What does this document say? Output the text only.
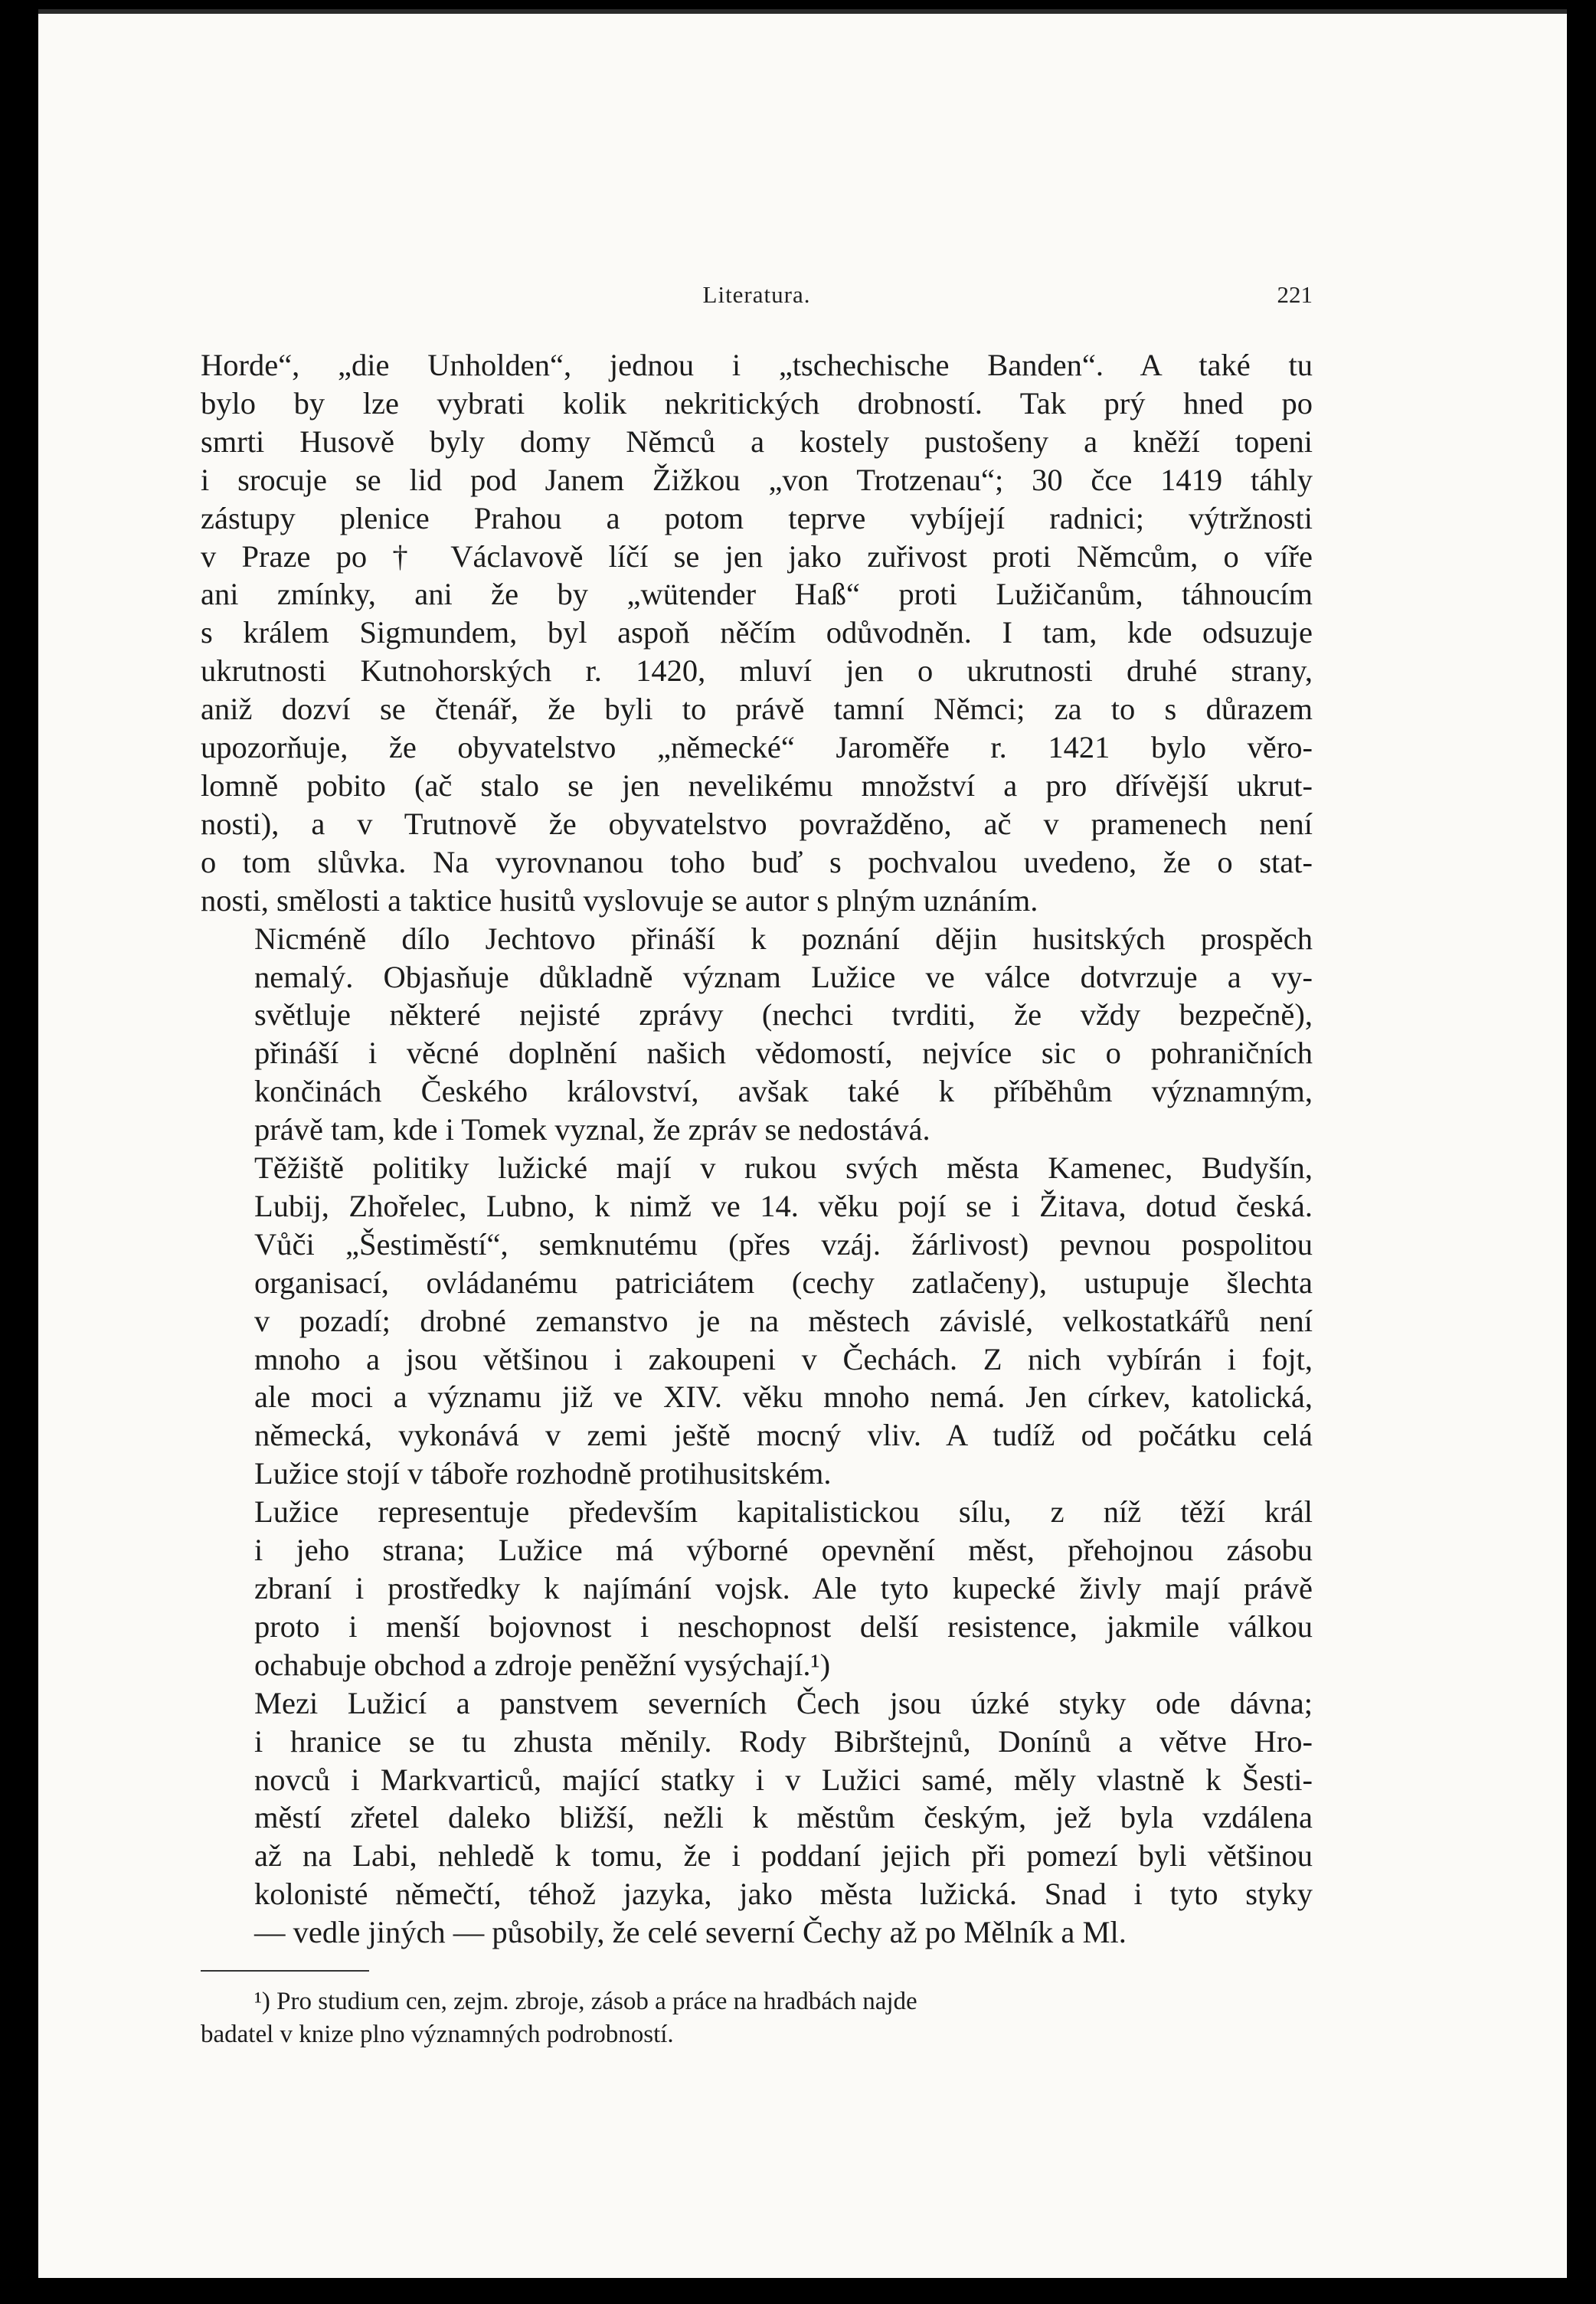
Literatura.	221

Horde“, „die Unholden“, jednou i „tschechische Banden“. A také tu
bylo by lze vybrati kolik nekritických drobností. Tak prý hned po
smrti Husově byly domy Němců a kostely pustošeny a kněží topeni
i srocuje se lid pod Janem Žižkou „von Trotzenau“; 30 čce 1419 táhly
zástupy plenice Prahou a potom teprve vybíjejí radnici; výtržnosti
v Praze po † Václavově líčí se jen jako zuřivost proti Němcům, o víře
ani zmínky, ani že by „wütender Haß“ proti Lužičanům, táhnoucím
s králem Sigmundem, byl aspoň něčím odůvodněn. I tam, kde odsuzuje
ukrutnosti Kutnohorských r. 1420, mluví jen o ukrutnosti druhé strany,
aniž dozví se čtenář, že byli to právě tamní Němci; za to s důrazem
upozorňuje, že obyvatelstvo „německé“ Jaroměře r. 1421 bylo věro-
lomně pobito (ač stalo se jen nevelikému množství a pro dřívější ukrut-
nosti), a v Trutnově že obyvatelstvo povražděno, ač v pramenech není
o tom slůvka. Na vyrovnanou toho buď s pochvalou uvedeno, že o stat-
nosti, smělosti a taktice husitů vyslovuje se autor s plným uznáním.

Nicméně dílo Jechtovo přináší k poznání dějin husitských prospěch
nemalý. Objasňuje důkladně význam Lužice ve válce dotvrzuje a vy-
světluje některé nejisté zprávy (nechci tvrditi, že vždy bezpečně),
přináší i věcné doplnění našich vědomostí, nejvíce sic o pohraničních
končinách Českého království, avšak také k příběhům významným,
právě tam, kde i Tomek vyznal, že zpráv se nedostává.

Těžiště politiky lužické mají v rukou svých města Kamenec, Budyšín,
Lubij, Zhořelec, Lubno, k nimž ve 14. věku pojí se i Žitava, dotud česká.
Vůči „Šestiměstí“, semknutému (přes vzáj. žárlivost) pevnou pospolitou
organisací, ovládanému patriciátem (cechy zatlačeny), ustupuje šlechta
v pozadí; drobné zemanstvo je na městech závislé, velkostatkářů není
mnoho a jsou většinou i zakoupeni v Čechách. Z nich vybírán i fojt,
ale moci a významu již ve XIV. věku mnoho nemá. Jen církev, katolická,
německá, vykonává v zemi ještě mocný vliv. A tudíž od počátku celá
Lužice stojí v táboře rozhodně protihusitském.

Lužice representuje především kapitalistickou sílu, z níž těží král
i jeho strana; Lužice má výborné opevnění měst, přehojnou zásobu
zbraní i prostředky k najímání vojsk. Ale tyto kupecké živly mají právě
proto i menší bojovnost i neschopnost delší resistence, jakmile válkou
ochabuje obchod a zdroje peněžní vysýchají.¹)

Mezi Lužicí a panstvem severních Čech jsou úzké styky ode dávna;
i hranice se tu zhusta měnily. Rody Bibrštejnů, Donínů a větve Hro-
novců i Markvarticů, mající statky i v Lužici samé, měly vlastně k Šesti-
městí zřetel daleko bližší, nežli k městům českým, jež byla vzdálena
až na Labi, nehledě k tomu, že i poddaní jejich při pomezí byli většinou
kolonisté němečtí, téhož jazyka, jako města lužická. Snad i tyto styky
— vedle jiných — působily, že celé severní Čechy až po Mělník a Ml.

¹) Pro studium cen, zejm. zbroje, zásob a práce na hradbách najde
badatel v knize plno významných podrobností.
